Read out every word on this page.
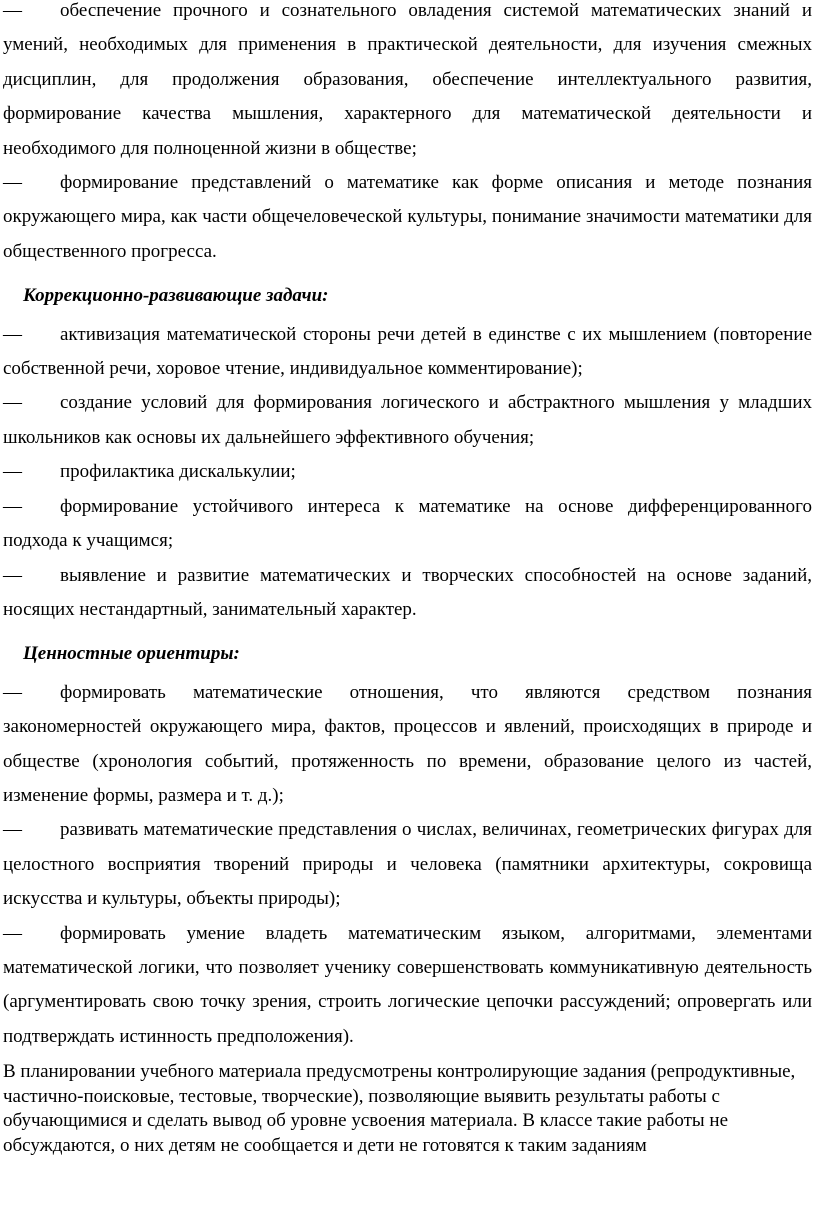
— обеспечение прочного и сознательного овладения системой математических знаний и умений, необходимых для применения в практической деятельности, для изучения смежных дисциплин, для продолжения образования, обеспечение интеллектуального развития, формирование качества мышления, характерного для математической деятельности и необходимого для полноценной жизни в обществе;

— формирование представлений о математике как форме описания и методе познания окружающего мира, как части общечеловеческой культуры, понимание значимости математики для общественного прогресса.

Коррекционно-развивающие задачи:

— активизация математической стороны речи детей в единстве с их мышлением (повторение собственной речи, хоровое чтение, индивидуальное комментирование);

— создание условий для формирования логического и абстрактного мышления у младших школьников как основы их дальнейшего эффективного обучения;

— профилактика дискалькулии;

— формирование устойчивого интереса к математике на основе дифференцированного подхода к учащимся;

— выявление и развитие математических и творческих способностей на основе заданий, носящих нестандартный, занимательный характер.

Ценностные ориентиры:

— формировать математические отношения, что являются средством познания закономерностей окружающего мира, фактов, процессов и явлений, происходящих в природе и обществе (хронология событий, протяженность по времени, образование целого из частей, изменение формы, размера и т. д.);

— развивать математические представления о числах, величинах, геометрических фигурах для целостного восприятия творений природы и человека (памятники архитектуры, сокровища искусства и культуры, объекты природы);

— формировать умение владеть математическим языком, алгоритмами, элементами математической логики, что позволяет ученику совершенствовать коммуникативную деятельность (аргументировать свою точку зрения, строить логические цепочки рассуждений; опровергать или подтверждать истинность предположения).

В планировании учебного материала предусмотрены контролирующие задания (репродуктивные, частично-поисковые, тестовые, творческие), позволяющие выявить результаты работы с обучающимися и сделать вывод об уровне усвоения материала. В классе такие работы не обсуждаются, о них детям не сообщается и дети не готовятся к таким заданиям
